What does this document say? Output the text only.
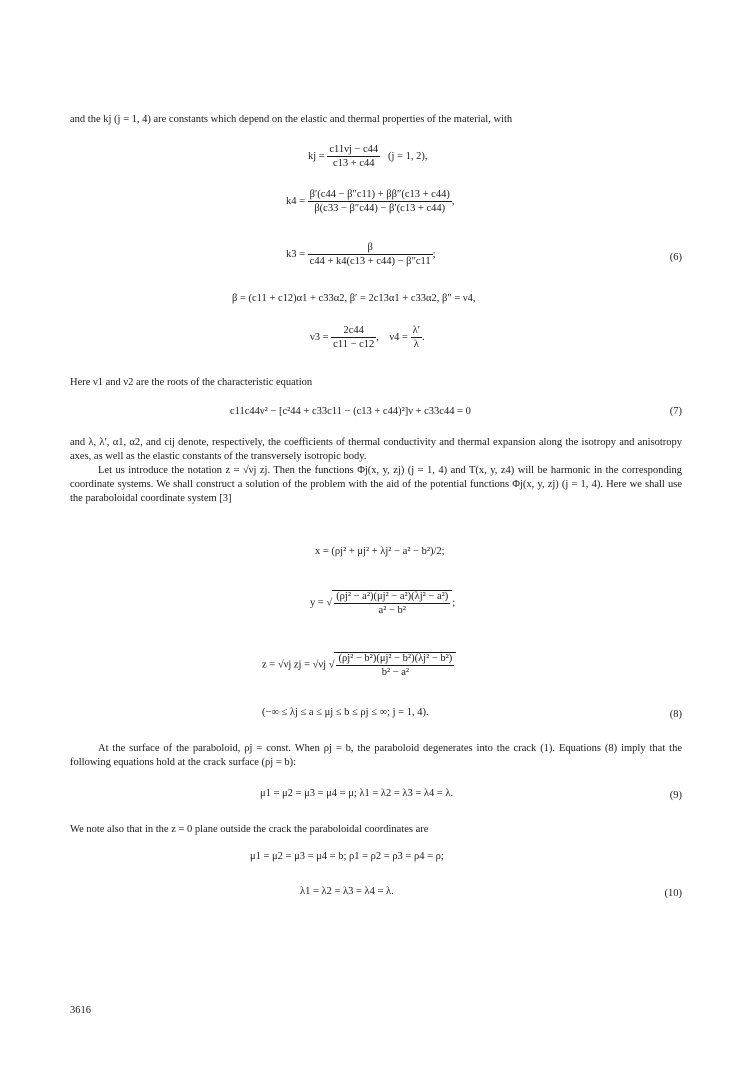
and the kj (j = 1, 4) are constants which depend on the elastic and thermal properties of the material, with

kj = $\frac{c11\nu j - c44}{c13 + c44} (j = 1$, 2),
$k4 = \frac{\beta'(c44 - \beta''c11) + \beta\beta''(c13 + c44)}{\beta(c33 - \beta''c44) - \beta'(c13 + c44)}$ ,
$k3 = \frac{\beta}{c44 + k4(c13 + c44) - \beta''c11}$ ;	(6)
β = (c11 + c12)α1 + c33α2, β′ = 2c13α1 + c33α2, β″ = ν4,
$\nu 3 = \frac{2c44}{c11 - c12}$ ,    $\nu 4 = \frac{\lambda'}{\lambda}$ .

Here ν1 and ν2 are the roots of the characteristic equation

c11c44ν² − [c²44 + c33c11 − (c13 + c44)²]ν + c33c44 = 0	(7)

and λ, λ′, α1, α2, and cij denote, respectively, the coefficients of thermal conductivity and thermal expansion along the isotropy and anisotropy axes, as well as the elastic constants of the transversely isotropic body.

Let us introduce the notation z = √νj zj. Then the functions Φj(x, y, zj) (j = 1, 4) and T(x, y, z4) will be harmonic in the corresponding coordinate systems. We shall construct a solution of the problem with the aid of the potential functions Φj(x, y, zj) (j = 1, 4). Here we shall use the paraboloidal coordinate system [3]

x = (ρj² + μj² + λj² − a² − b²)/2;
y = √ $\frac{\text{(ρj² − a²)(μj² − a²)(λj² − a²)}}{\text{a² − b²}}$ ;
z = √νj zj = √νj √ $\frac{\text{(ρj² − b²)(μj² − b²)(λj² − b²)}}{\text{b² − a²}}$
(−∞ ≤ λj ≤ a ≤ μj ≤ b ≤ ρj ≤ ∞; j = 1, 4).	(8)

At the surface of the paraboloid, ρj = const. When ρj = b, the paraboloid degenerates into the crack (1). Equations (8) imply that the following equations hold at the crack surface (ρj = b):

μ1 = μ2 = μ3 = μ4 = μ; λ1 = λ2 = λ3 = λ4 = λ.	(9)

We note also that in the z = 0 plane outside the crack the paraboloidal coordinates are

μ1 = μ2 = μ3 = μ4 = b; ρ1 = ρ2 = ρ3 = ρ4 = ρ;
λ1 = λ2 = λ3 = λ4 = λ.	(10)
3616
